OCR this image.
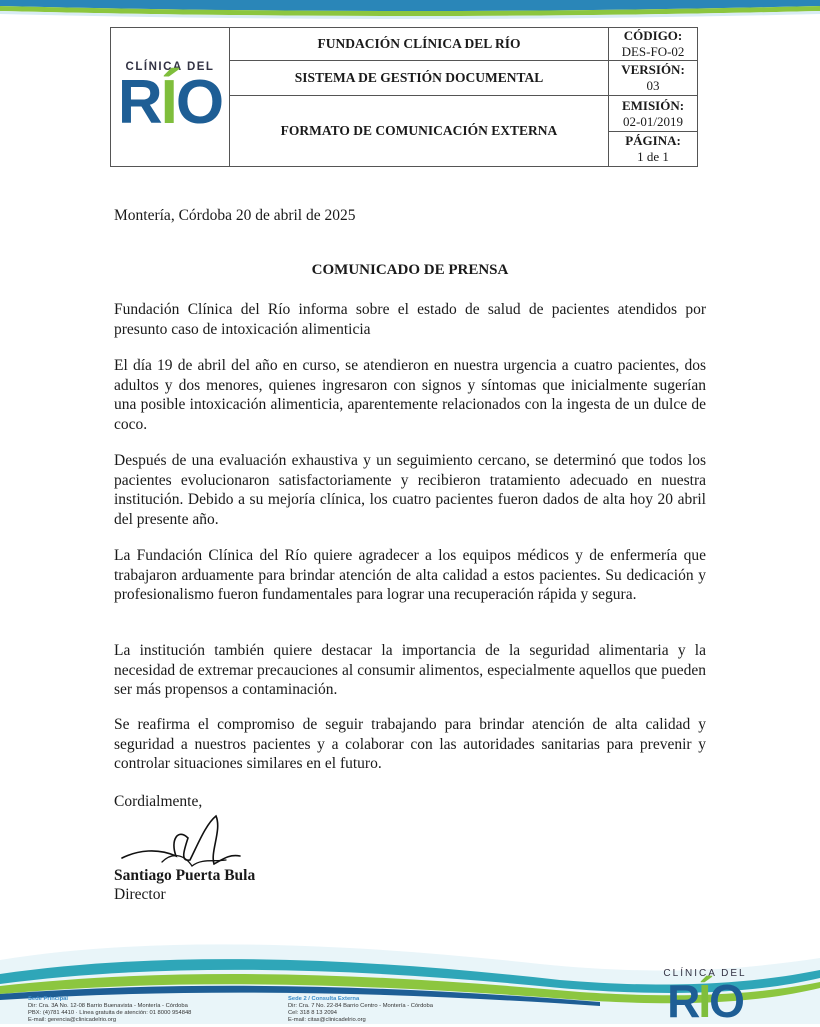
CLÍNICA DEL
RÍO	FUNDACIÓN CLÍNICA DEL RÍO	CÓDIGO:
DES-FO-02
	SISTEMA DE GESTIÓN DOCUMENTAL	VERSIÓN:
03
	FORMATO DE COMUNICACIÓN EXTERNA	EMISIÓN:
02-01/2019

		PÁGINA:
1 de 1
Montería, Córdoba 20 de abril de 2025
COMUNICADO DE PRENSA
Fundación Clínica del Río informa sobre el estado de salud de pacientes atendidos por presunto caso de intoxicación alimenticia
El día 19 de abril del año en curso, se atendieron en nuestra urgencia a cuatro pacientes, dos adultos y dos menores, quienes ingresaron con signos y síntomas que inicialmente sugerían una posible intoxicación alimenticia, aparentemente relacionados con la ingesta de un dulce de coco.
Después de una evaluación exhaustiva y un seguimiento cercano, se determinó que todos los pacientes evolucionaron satisfactoriamente y recibieron tratamiento adecuado en nuestra institución. Debido a su mejoría clínica, los cuatro pacientes fueron dados de alta hoy 20 abril del presente año.
La Fundación Clínica del Río quiere agradecer a los equipos médicos y de enfermería que trabajaron arduamente para brindar atención de alta calidad a estos pacientes. Su dedicación y profesionalismo fueron fundamentales para lograr una recuperación rápida y segura.
La institución también quiere destacar la importancia de la seguridad alimentaria y la necesidad de extremar precauciones al consumir alimentos, especialmente aquellos que pueden ser más propensos a contaminación.
Se reafirma el compromiso de seguir trabajando para brindar atención de alta calidad y seguridad a nuestros pacientes y a colaborar con las autoridades sanitarias para prevenir y controlar situaciones similares en el futuro.
Cordialmente,
Santiago Puerta Bula
Director
Sede Principal
Dir: Cra. 3A No. 12-08 Barrio Buenavista - Montería - Córdoba
PBX: (4)781 4410 · Línea gratuita de atención: 01 8000 954848
E-mail: gerencia@clinicadelrio.org
Sede 2 / Consulta Externa
Dir: Cra. 7 No. 22-84 Barrio Centro - Montería - Córdoba
Cel: 318 8 13 2094
E-mail: citas@clinicadelrio.org
CLÍNICA DEL
RÍO
